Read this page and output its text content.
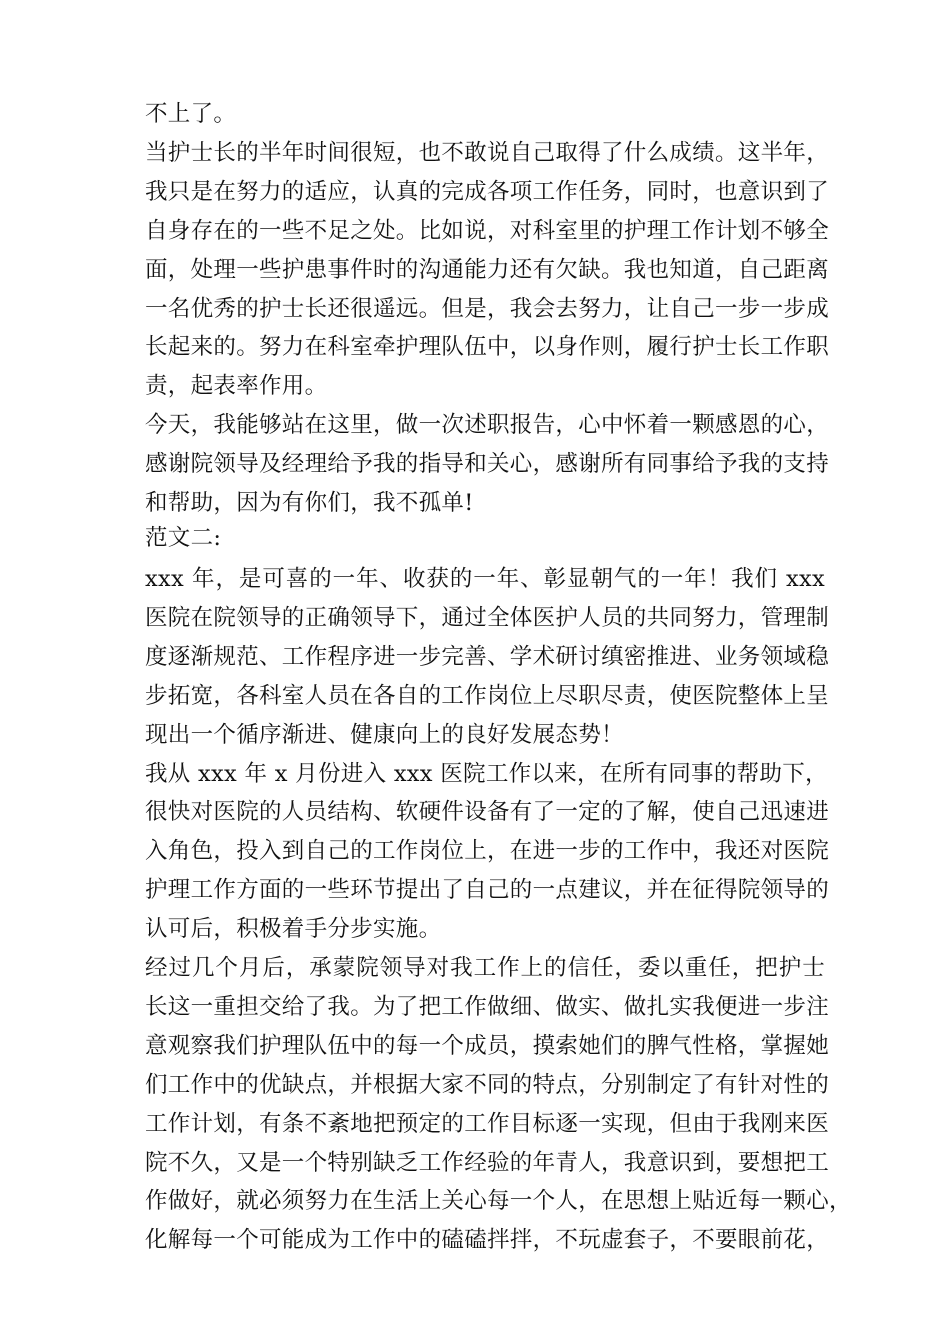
不上了。
当护士长的半年时间很短，也不敢说自己取得了什么成绩。这半年，
我只是在努力的适应，认真的完成各项工作任务，同时，也意识到了
自身存在的一些不足之处。比如说，对科室里的护理工作计划不够全
面，处理一些护患事件时的沟通能力还有欠缺。我也知道，自己距离
一名优秀的护士长还很遥远。但是，我会去努力，让自己一步一步成
长起来的。努力在科室牵护理队伍中，以身作则，履行护士长工作职
责，起表率作用。
今天，我能够站在这里，做一次述职报告，心中怀着一颗感恩的心，
感谢院领导及经理给予我的指导和关心，感谢所有同事给予我的支持
和帮助，因为有你们，我不孤单!
范文二:
xxx 年，是可喜的一年、收获的一年、彰显朝气的一年！我们 xxx
医院在院领导的正确领导下，通过全体医护人员的共同努力，管理制
度逐渐规范、工作程序进一步完善、学术研讨缜密推进、业务领域稳
步拓宽，各科室人员在各自的工作岗位上尽职尽责，使医院整体上呈
现出一个循序渐进、健康向上的良好发展态势！
我从 xxx 年 x 月份进入 xxx 医院工作以来，在所有同事的帮助下，
很快对医院的人员结构、软硬件设备有了一定的了解，使自己迅速进
入角色，投入到自己的工作岗位上，在进一步的工作中，我还对医院
护理工作方面的一些环节提出了自己的一点建议，并在征得院领导的
认可后，积极着手分步实施。
经过几个月后，承蒙院领导对我工作上的信任，委以重任，把护士
长这一重担交给了我。为了把工作做细、做实、做扎实我便进一步注
意观察我们护理队伍中的每一个成员，摸索她们的脾气性格，掌握她
们工作中的优缺点，并根据大家不同的特点，分别制定了有针对性的
工作计划，有条不紊地把预定的工作目标逐一实现，但由于我刚来医
院不久，又是一个特别缺乏工作经验的年青人，我意识到，要想把工
作做好，就必须努力在生活上关心每一个人，在思想上贴近每一颗心，
化解每一个可能成为工作中的磕磕拌拌，不玩虚套子，不要眼前花，
